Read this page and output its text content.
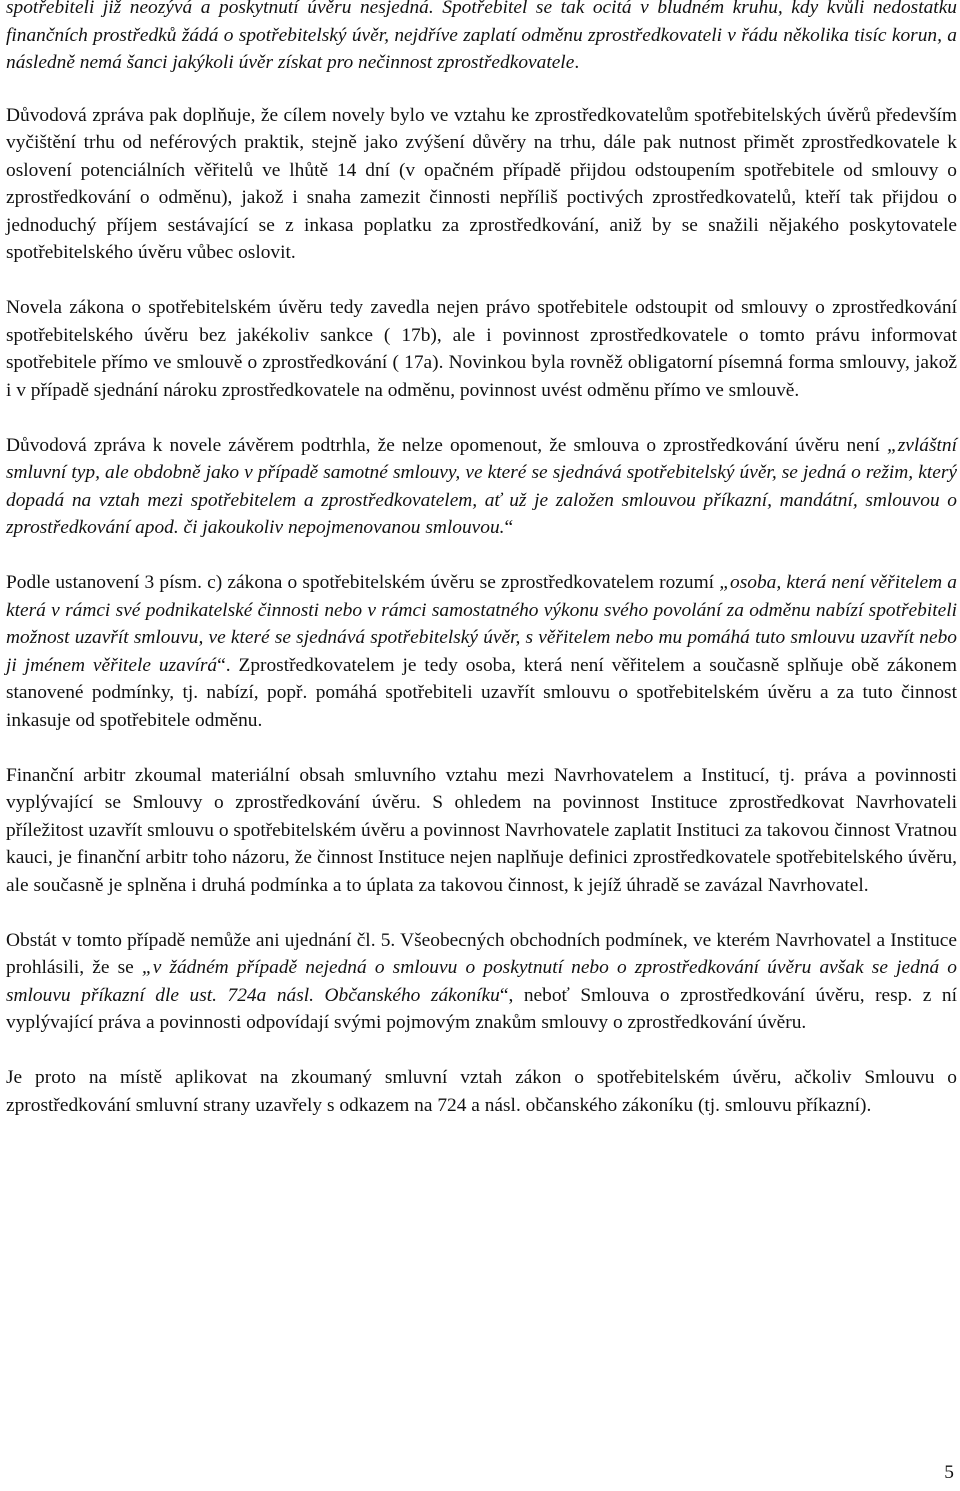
spotřebiteli již neozývá a poskytnutí úvěru nesjedná. Spotřebitel se tak ocitá v bludném kruhu, kdy kvůli nedostatku finančních prostředků žádá o spotřebitelský úvěr, nejdříve zaplatí odměnu zprostředkovateli v řádu několika tisíc korun, a následně nemá šanci jakýkoli úvěr získat pro nečinnost zprostředkovatele.

Důvodová zpráva pak doplňuje, že cílem novely bylo ve vztahu ke zprostředkovatelům spotřebitelských úvěrů především vyčištění trhu od neférových praktik, stejně jako zvýšení důvěry na trhu, dále pak nutnost přimět zprostředkovatele k oslovení potenciálních věřitelů ve lhůtě 14 dní (v opačném případě přijdou odstoupením spotřebitele od smlouvy o zprostředkování o odměnu), jakož i snaha zamezit činnosti nepříliš poctivých zprostředkovatelů, kteří tak přijdou o jednoduchý příjem sestávající se z inkasa poplatku za zprostředkování, aniž by se snažili nějakého poskytovatele spotřebitelského úvěru vůbec oslovit.

Novela zákona o spotřebitelském úvěru tedy zavedla nejen právo spotřebitele odstoupit od smlouvy o zprostředkování spotřebitelského úvěru bez jakékoliv sankce ( 17b), ale i povinnost zprostředkovatele o tomto právu informovat spotřebitele přímo ve smlouvě o zprostředkování ( 17a). Novinkou byla rovněž obligatorní písemná forma smlouvy, jakož i v případě sjednání nároku zprostředkovatele na odměnu, povinnost uvést odměnu přímo ve smlouvě.

Důvodová zpráva k novele závěrem podtrhla, že nelze opomenout, že smlouva o zprostředkování úvěru není „zvláštní smluvní typ, ale obdobně jako v případě samotné smlouvy, ve které se sjednává spotřebitelský úvěr, se jedná o režim, který dopadá na vztah mezi spotřebitelem a zprostředkovatelem, ať už je založen smlouvou příkazní, mandátní, smlouvou o zprostředkování apod. či jakoukoliv nepojmenovanou smlouvou.“

Podle ustanovení 3 písm. c) zákona o spotřebitelském úvěru se zprostředkovatelem rozumí „osoba, která není věřitelem a která v rámci své podnikatelské činnosti nebo v rámci samostatného výkonu svého povolání za odměnu nabízí spotřebiteli možnost uzavřít smlouvu, ve které se sjednává spotřebitelský úvěr, s věřitelem nebo mu pomáhá tuto smlouvu uzavřít nebo ji jménem věřitele uzavírá“. Zprostředkovatelem je tedy osoba, která není věřitelem a současně splňuje obě zákonem stanovené podmínky, tj. nabízí, popř. pomáhá spotřebiteli uzavřít smlouvu o spotřebitelském úvěru a za tuto činnost inkasuje od spotřebitele odměnu.

Finanční arbitr zkoumal materiální obsah smluvního vztahu mezi Navrhovatelem a Institucí, tj. práva a povinnosti vyplývající se Smlouvy o zprostředkování úvěru. S ohledem na povinnost Instituce zprostředkovat Navrhovateli příležitost uzavřít smlouvu o spotřebitelském úvěru a povinnost Navrhovatele zaplatit Instituci za takovou činnost Vratnou kauci, je finanční arbitr toho názoru, že činnost Instituce nejen naplňuje definici zprostředkovatele spotřebitelského úvěru, ale současně je splněna i druhá podmínka a to úplata za takovou činnost, k jejíž úhradě se zavázal Navrhovatel.

Obstát v tomto případě nemůže ani ujednání čl. 5. Všeobecných obchodních podmínek, ve kterém Navrhovatel a Instituce prohlásili, že se „v žádném případě nejedná o smlouvu o poskytnutí nebo o zprostředkování úvěru avšak se jedná o smlouvu příkazní dle ust. 724a násl. Občanského zákoníku“, neboť Smlouva o zprostředkování úvěru, resp. z ní vyplývající práva a povinnosti odpovídají svými pojmovým znakům smlouvy o zprostředkování úvěru.

Je proto na místě aplikovat na zkoumaný smluvní vztah zákon o spotřebitelském úvěru, ačkoliv Smlouvu o zprostředkování smluvní strany uzavřely s odkazem na 724 a násl. občanského zákoníku (tj. smlouvu příkazní).

5
